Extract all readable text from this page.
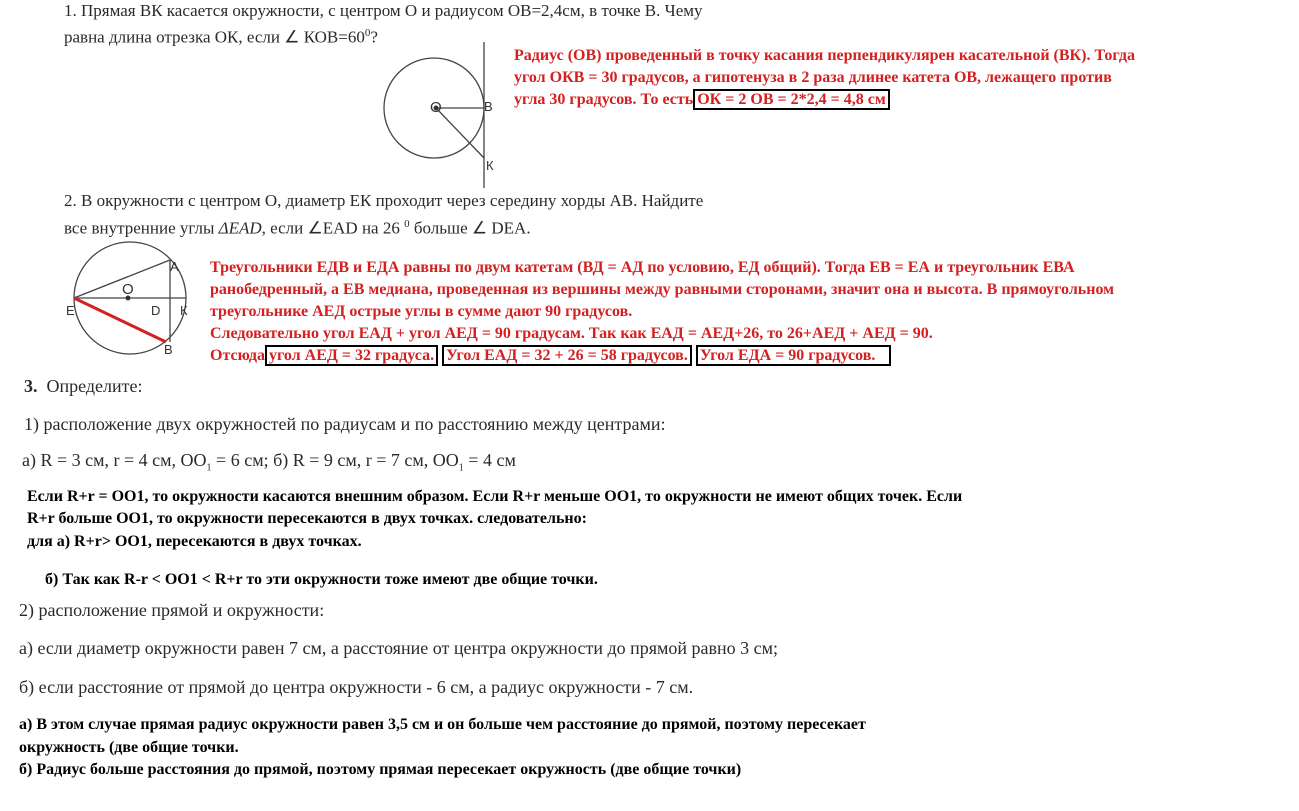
1. Прямая ВК касается окружности, с центром О и радиусом ОВ=2,4см, в точке В. Чему
равна длина отрезка ОК, если ∠ $КОВ=60^0$?
О	В
К
Радиус (ОВ) проведенный в точку касания перпендикулярен касательной (ВК). Тогда
угол ОКВ = 30 градусов, а гипотенуза в 2 раза длинее катета ОВ, лежащего против
угла 30 градусов. То есть ОК = 2 ОВ = 2*2,4 = 4,8 см
2. В окружности с центром О, диаметр ЕК проходит через середину хорды АВ. Найдите
все внутренние углы ΔEAD, если ∠EAD на 26 $^0$ больше ∠ DEA.
О
А
Е	D К
В
Треугольники ЕДВ и ЕДА равны по двум катетам (ВД = АД по условию, ЕД общий). Тогда ЕВ = ЕА и треугольник ЕВА
ранобедренный, а ЕВ медиана, проведенная из вершины между равными сторонами, значит она и высота. В прямоугольном
треугольнике АЕД острые углы в сумме дают 90 градусов.
Следовательно угол ЕАД + угол АЕД = 90 градусам. Так как ЕАД = АЕД+26, то 26+АЕД + АЕД = 90.
Отсюда угол АЕД = 32 градуса. Угол ЕАД = 32 + 26 = 58 градусов. Угол ЕДА = 90 градусов.
3. Определите:
1) расположение двух окружностей по радиусам и по расстоянию между центрами:
а) R = 3 см, r = 4 см, $OO_1 = 6$ см; б) R = 9 см, r = 7 см, $OO_1 = 4$ см
Если R+r = OO1, то окружности касаются внешним образом. Если R+r меньше ОО1, то окружности не имеют общих точек. Если
R+r больше ОО1, то окружности пересекаются в двух точках. следовательно:
для а) R+r> OO1, пересекаются в двух точках.
б) Так как R-r < OO1 < R+r то эти окружности тоже имеют две общие точки.
2) расположение прямой и окружности:
а) если диаметр окружности равен 7 см, а расстояние от центра окружности до прямой равно 3 см;
б) если расстояние от прямой до центра окружности - 6 см, а радиус окружности - 7 см.
а) В этом случае прямая радиус окружности равен 3,5 см и он больше чем расстояние до прямой, поэтому пересекает
окружность (две общие точки.
б) Радиус больше расстояния до прямой, поэтому прямая пересекает окружность (две общие точки)
